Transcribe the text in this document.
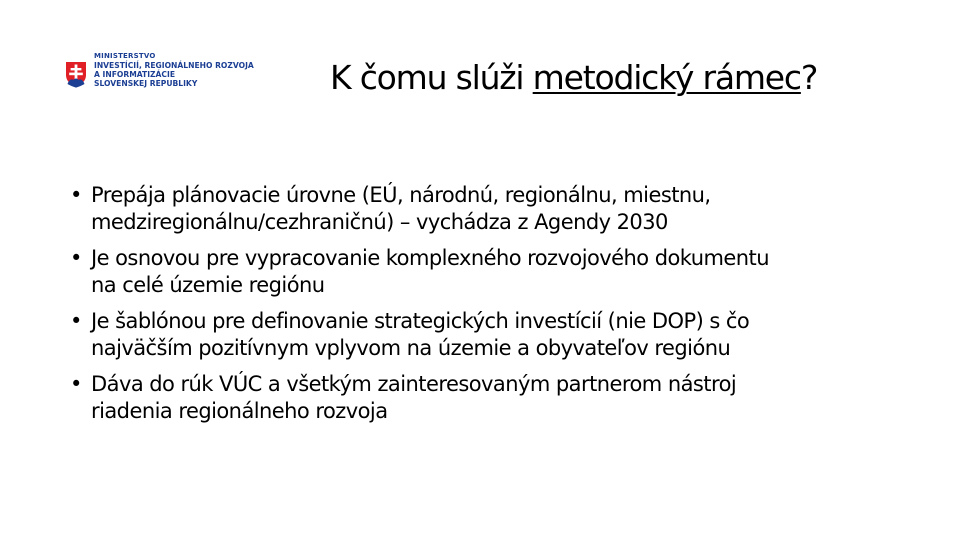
MINISTERSTVO
INVESTÍCIÍ, REGIONÁLNEHO ROZVOJA
A INFORMATIZÁCIE
SLOVENSKEJ REPUBLIKY	K čomu slúži metodický rámec?
• Prepája plánovacie úrovne (EÚ, národnú, regionálnu, miestnu,
medziregionálnu/cezhraničnú) – vychádza z Agendy 2030
• Je osnovou pre vypracovanie komplexného rozvojového dokumentu
na celé územie regiónu
• Je šablónou pre definovanie strategických investícií (nie DOP) s čo
najväčším pozitívnym vplyvom na územie a obyvateľov regiónu
• Dáva do rúk VÚC a všetkým zainteresovaným partnerom nástroj
riadenia regionálneho rozvoja
